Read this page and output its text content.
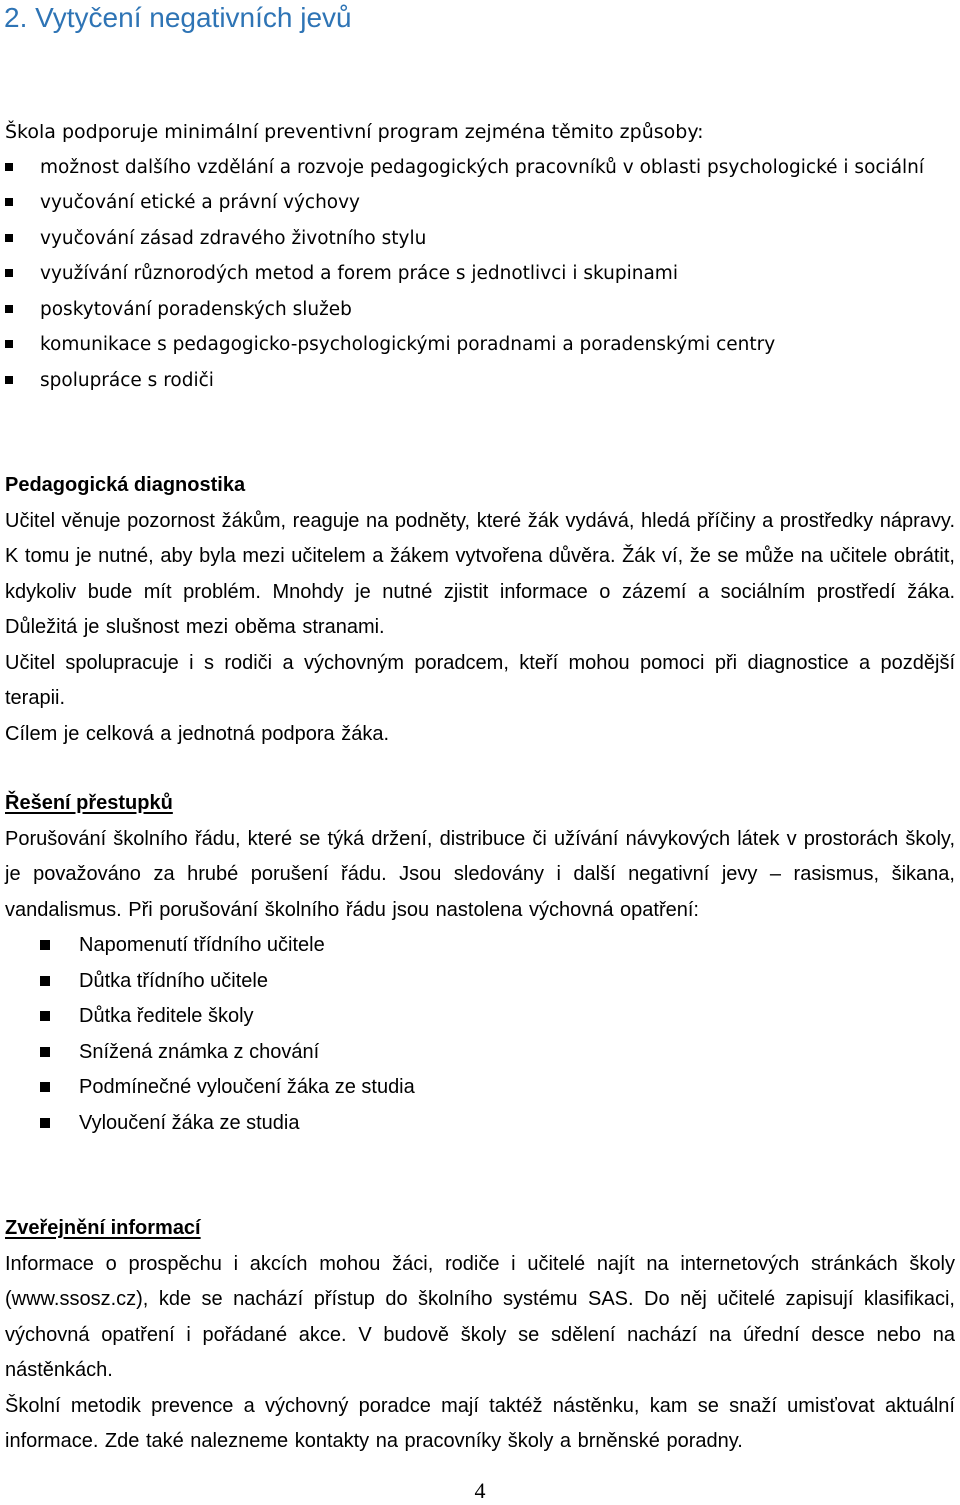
2. Vytyčení negativních jevů
Škola podporuje minimální preventivní program zejména těmito způsoby:
možnost dalšího vzdělání a rozvoje pedagogických pracovníků v oblasti psychologické i sociální
vyučování etické a právní výchovy
vyučování zásad zdravého životního stylu
využívání různorodých metod a forem práce s jednotlivci i skupinami
poskytování poradenských služeb
komunikace s pedagogicko-psychologickými poradnami a poradenskými centry
spolupráce s rodiči
Pedagogická diagnostika

Učitel věnuje pozornost žákům, reaguje na podněty, které žák vydává, hledá příčiny a prostředky nápravy. K tomu je nutné, aby byla mezi učitelem a žákem vytvořena důvěra. Žák ví, že se může na učitele obrátit, kdykoliv bude mít problém. Mnohdy je nutné zjistit informace o zázemí a sociálním prostředí žáka. Důležitá je slušnost mezi oběma stranami.

Učitel spolupracuje i s rodiči a výchovným poradcem, kteří mohou pomoci při diagnostice a pozdější terapii.

Cílem je celková a jednotná podpora žáka.

Řešení přestupků

Porušování školního řádu, které se týká držení, distribuce či užívání návykových látek v prostorách školy, je považováno za hrubé porušení řádu. Jsou sledovány i další negativní jevy – rasismus, šikana, vandalismus. Při porušování školního řádu jsou nastolena výchovná opatření:

Napomenutí třídního učitele
Důtka třídního učitele
Důtka ředitele školy
Snížená známka z chování
Podmínečné vyloučení žáka ze studia
Vyloučení žáka ze studia
Zveřejnění informací

Informace o prospěchu i akcích mohou žáci, rodiče i učitelé najít na internetových stránkách školy (www.ssosz.cz), kde se nachází přístup do školního systému SAS. Do něj učitelé zapisují klasifikaci, výchovná opatření i pořádané akce. V budově školy se sdělení nachází na úřední desce nebo na nástěnkách.

Školní metodik prevence a výchovný poradce mají taktéž nástěnku, kam se snaží umisťovat aktuální informace. Zde také nalezneme kontakty na pracovníky školy a brněnské poradny.

4
